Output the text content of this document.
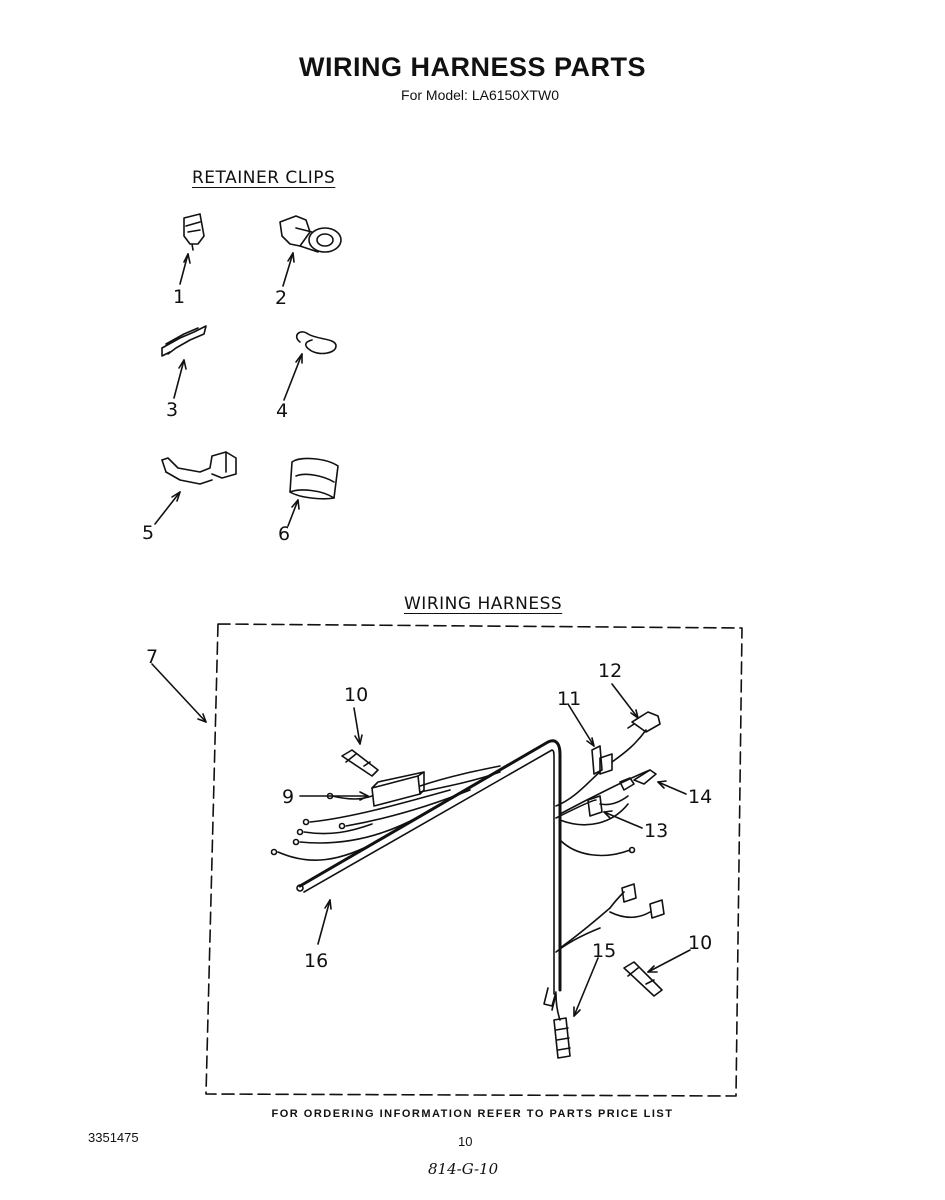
WIRING HARNESS PARTS
For Model: LA6150XTW0
RETAINER CLIPS
WIRING HARNESS
1	2
3	4
5	6
7
9
10	11
12
13
14
15
16
10
FOR ORDERING INFORMATION REFER TO PARTS PRICE LIST
3351475	10
814-G-10
